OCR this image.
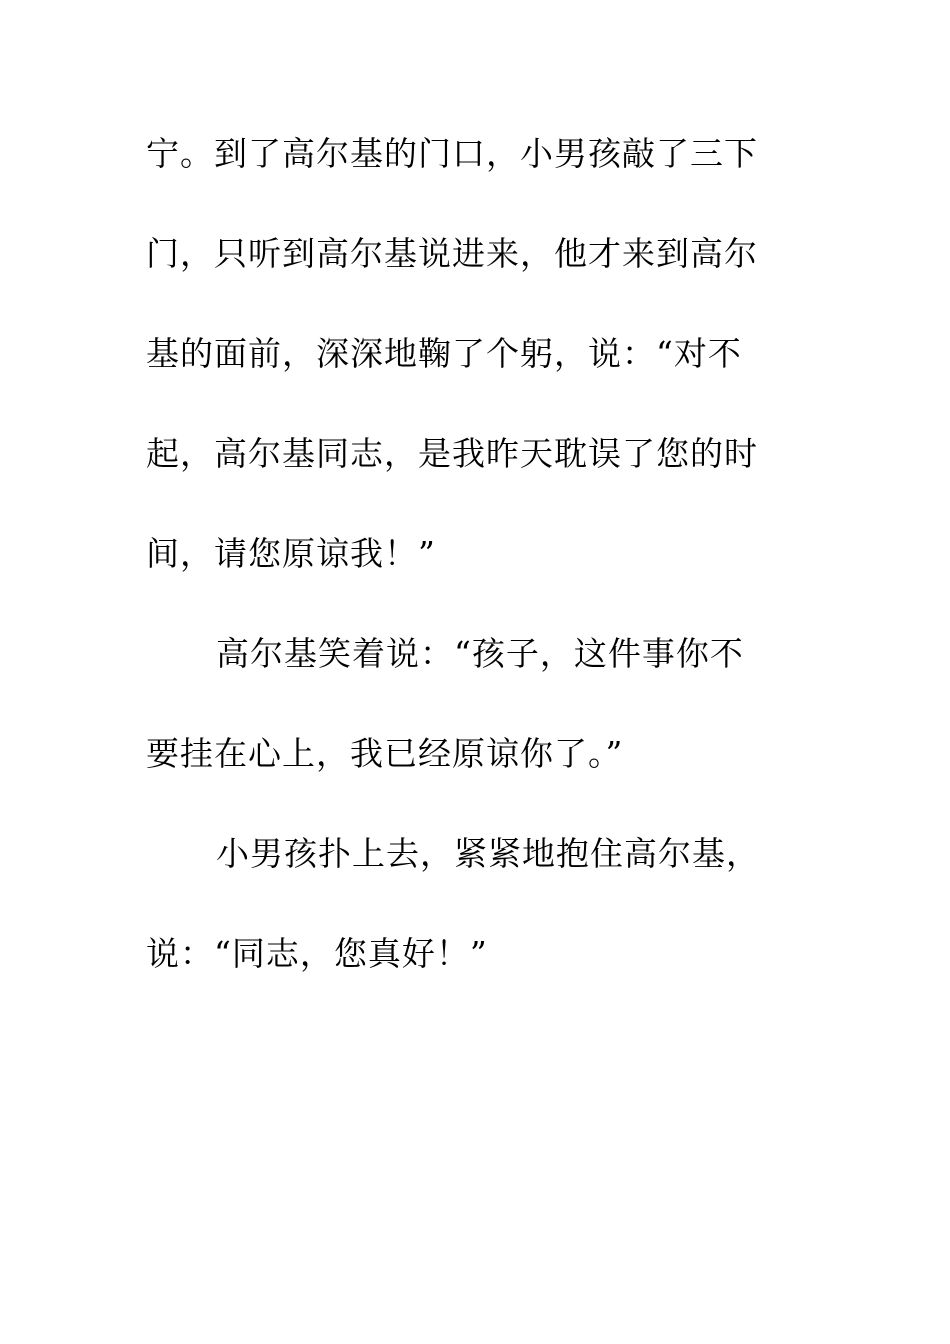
宁。到了高尔基的门口，小男孩敲了三下
门，只听到高尔基说进来，他才来到高尔
基的面前，深深地鞠了个躬，说：“对不
起，高尔基同志，是我昨天耽误了您的时
间，请您原谅我！”
高尔基笑着说：“孩子，这件事你不
要挂在心上，我已经原谅你了。”
小男孩扑上去，紧紧地抱住高尔基，
说：“同志，您真好！”
